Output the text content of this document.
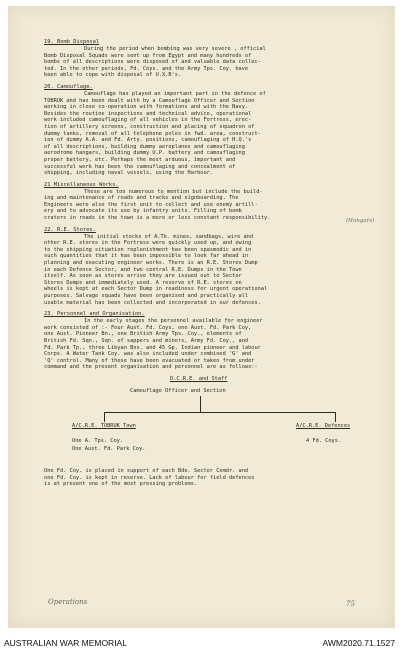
19. Bomb Disposal

During the period when bombing was very severe , official
Bomb Disposal Squads were sent up from Egypt and many hundreds of
bombs of all descriptions were disposed of and valuable data collec-
ted. In the other periods, Fd. Coys. and the Army Tps. Coy. have
been able to cope with disposal of U.X.B's.

20. Camouflage.

Camouflage has played an important part in the defence of
TOBRUK and has been dealt with by a Camouflage Officer and Section
working in close co-operation with formations and with the Navy.
Besides the routine inspections and technical advice, operational
work included camouflaging of all vehicles in the Fortress, erec-
tion of artillery screens, construction and placing of squadron of
dummy tanks, removal of all telephone poles in fwd. area, construct-
ion of dummy A.A. and Fd. Arty. positions, camouflaging of H.Q.'s
of all descriptions, building dummy aeroplanes and camouflaging
aerodrome hangars, building dummy U.P. battery and camouflaging
proper battery, etc. Perhaps the most arduous, important and
successful work has been the camouflaging and concealment of
shipping, including naval vessels, using the Harbour.

21 Miscellaneous Works.

These are too numerous to mention but include the build-
ing and maintenance of roads and tracks and signboarding. The
Engineers were also the first unit to collect and use enemy artill-
ery and to advocate its use by infantry units. Filling of bomb
craters in roads in the town is a more or less constant responsibility.

22. R.E. Stores.

The initial stocks of A.Tk. mines, sandbags, wire and
other R.E. stores in the Fortress were quickly used up, and owing
to the shipping situation replenishment has been spasmodic and in
such quantities that it has been impossible to look far ahead in
planning and executing engineer works. There is an R.E. Stores Dump
in each Defence Sector, and two central R.E. Dumps in the Town
itself. As soon as stores arrive they are issued out to Sector
Stores Dumps and immediately used. A reserve of R.E. stores on
wheels is kept at each Sector Dump in readiness for urgent operational
purposes. Salvage squads have been organised and practically all
usable material has been collected and incorporated in our defences.

23. Personnel and Organisation.

In the early stages the personnel available for engineer
work consisted of :- Four Aust. Fd. Coys, one Aust. Fd. Park Coy,
one Aust. Pioneer Bn., one British Army Tps. Coy., elements of
British Fd. Sqn., Sqn. of sappers and miners, Army Fd. Coy., and
Fd. Park Tp., three Libyan Bns. and 45 Gp. Indian pioneer and labour
Corps. A Water Tank Coy. was also included under combined 'G' and
'Q' control. Many of these have been evacuated or taken from under
command and the present organisation and personnel are as follows:-

D.C.R.E. and Staff
Camouflage Officer and Section
A/C.R.E. TOBRUK Town	A/C.R.E. Defences
One A. Tps. Coy.
One Aust. Fd. Park Coy.
4 Fd. Coys.

One Fd. Coy. is placed in support of each Bde. Sector Comdr. and
one Fd. Coy. is kept in reserve. Lack of labour for field defences
is at present one of the most pressing problems.

(Hangars)
Operations	75
AUSTRALIAN WAR MEMORIAL	AWM2020.71.1527
